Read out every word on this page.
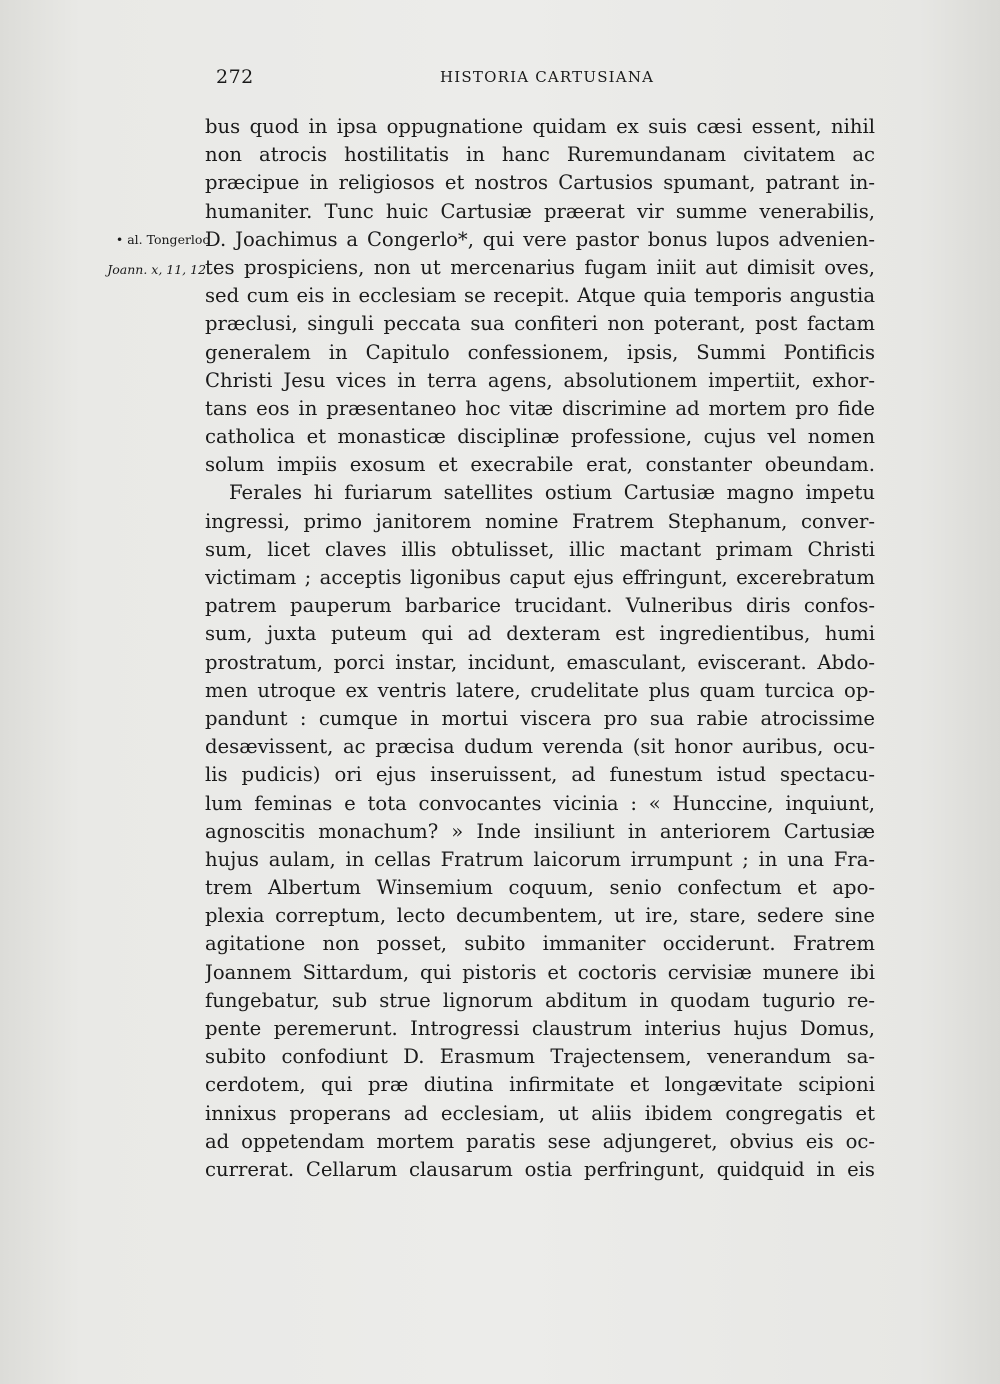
272	HISTORIA CARTUSIANA
• al. Tongerloo
Joann. x, 11, 12.
bus quod in ipsa oppugnatione quidam ex suis cæsi essent, nihil
non atrocis hostilitatis in hanc Ruremundanam civitatem ac
præcipue in religiosos et nostros Cartusios spumant, patrant in-
humaniter. Tunc huic Cartusiæ præerat vir summe venerabilis,
D. Joachimus a Congerlo*, qui vere pastor bonus lupos advenien-
tes prospiciens, non ut mercenarius fugam iniit aut dimisit oves,
sed cum eis in ecclesiam se recepit. Atque quia temporis angustia
præclusi, singuli peccata sua confiteri non poterant, post factam
generalem in Capitulo confessionem, ipsis, Summi Pontificis
Christi Jesu vices in terra agens, absolutionem impertiit, exhor-
tans eos in præsentaneo hoc vitæ discrimine ad mortem pro fide
catholica et monasticæ disciplinæ professione, cujus vel nomen
solum impiis exosum et execrabile erat, constanter obeundam.
Ferales hi furiarum satellites ostium Cartusiæ magno impetu
ingressi, primo janitorem nomine Fratrem Stephanum, conver-
sum, licet claves illis obtulisset, illic mactant primam Christi
victimam ; acceptis ligonibus caput ejus effringunt, excerebratum
patrem pauperum barbarice trucidant. Vulneribus diris confos-
sum, juxta puteum qui ad dexteram est ingredientibus, humi
prostratum, porci instar, incidunt, emasculant, eviscerant. Abdo-
men utroque ex ventris latere, crudelitate plus quam turcica op-
pandunt : cumque in mortui viscera pro sua rabie atrocissime
desævissent, ac præcisa dudum verenda (sit honor auribus, ocu-
lis pudicis) ori ejus inseruissent, ad funestum istud spectacu-
lum feminas e tota convocantes vicinia : « Hunccine, inquiunt,
agnoscitis monachum? » Inde insiliunt in anteriorem Cartusiæ
hujus aulam, in cellas Fratrum laicorum irrumpunt ; in una Fra-
trem Albertum Winsemium coquum, senio confectum et apo-
plexia correptum, lecto decumbentem, ut ire, stare, sedere sine
agitatione non posset, subito immaniter occiderunt. Fratrem
Joannem Sittardum, qui pistoris et coctoris cervisiæ munere ibi
fungebatur, sub strue lignorum abditum in quodam tugurio re-
pente peremerunt. Introgressi claustrum interius hujus Domus,
subito confodiunt D. Erasmum Trajectensem, venerandum sa-
cerdotem, qui præ diutina infirmitate et longævitate scipioni
innixus properans ad ecclesiam, ut aliis ibidem congregatis et
ad oppetendam mortem paratis sese adjungeret, obvius eis oc-
currerat. Cellarum clausarum ostia perfringunt, quidquid in eis
